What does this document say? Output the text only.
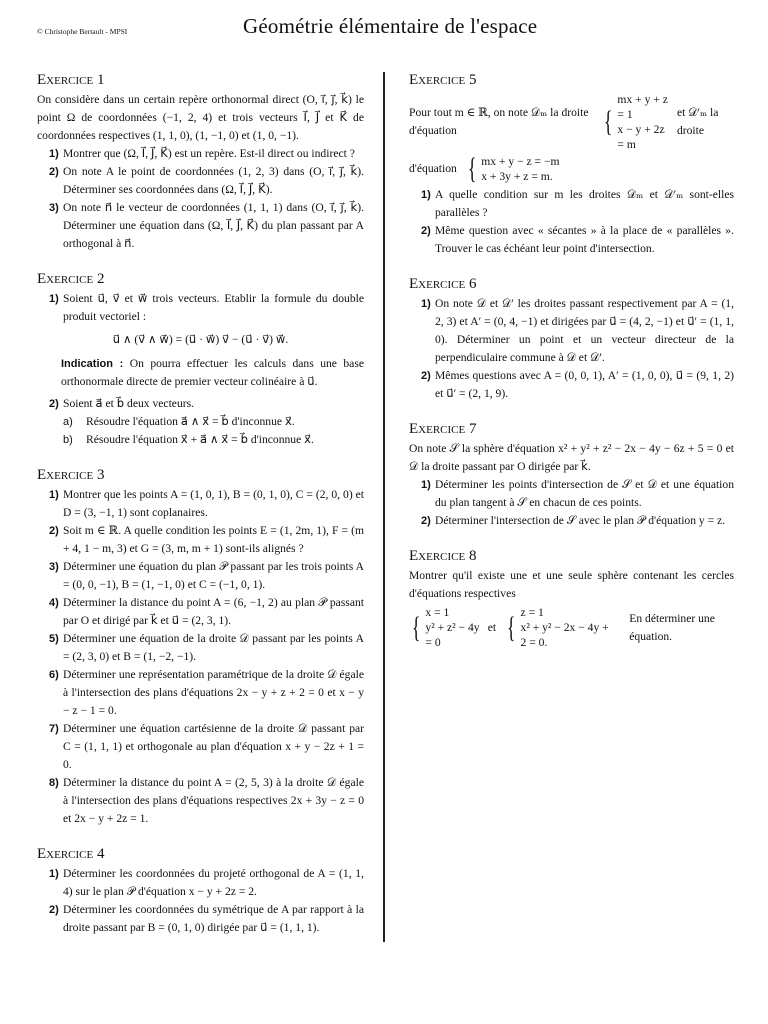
© Christophe Bertault - MPSI	Géométrie élémentaire de l'espace
Exercice 1
On considère dans un certain repère orthonormal direct (O, ı⃗, ȷ⃗, k⃗) le point Ω de coordonnées (−1, 2, 4) et trois vecteurs I⃗, J⃗ et K⃗ de coordonnées respectives (1, 1, 0), (1, −1, 0) et (1, 0, −1).
1) Montrer que (Ω, I⃗, J⃗, K⃗) est un repère. Est-il direct ou indirect ?
2) On note A le point de coordonnées (1, 2, 3) dans (O, ı⃗, ȷ⃗, k⃗). Déterminer ses coordonnées dans (Ω, I⃗, J⃗, K⃗).
3) On note n⃗ le vecteur de coordonnées (1, 1, 1) dans (O, ı⃗, ȷ⃗, k⃗). Déterminer une équation dans (Ω, I⃗, J⃗, K⃗) du plan passant par A orthogonal à n⃗.
Exercice 2
1) Soient u⃗, v⃗ et w⃗ trois vecteurs. Etablir la formule du double produit vectoriel :
u⃗ ∧ (v⃗ ∧ w⃗) = (u⃗ · w⃗) v⃗ − (u⃗ · v⃗) w⃗.
Indication : On pourra effectuer les calculs dans une base orthonormale directe de premier vecteur colinéaire à u⃗.
2) Soient a⃗ et b⃗ deux vecteurs.
a) Résoudre l'équation a⃗ ∧ x⃗ = b⃗ d'inconnue x⃗.
b) Résoudre l'équation x⃗ + a⃗ ∧ x⃗ = b⃗ d'inconnue x⃗.
Exercice 3
1) Montrer que les points A = (1, 0, 1), B = (0, 1, 0), C = (2, 0, 0) et D = (3, −1, 1) sont coplanaires.
2) Soit m ∈ ℝ. A quelle condition les points E = (1, 2m, 1), F = (m + 4, 1 − m, 3) et G = (3, m, m + 1) sont-ils alignés ?
3) Déterminer une équation du plan 𝒫 passant par les trois points A = (0, 0, −1), B = (1, −1, 0) et C = (−1, 0, 1).
4) Déterminer la distance du point A = (6, −1, 2) au plan 𝒫 passant par O et dirigé par k⃗ et u⃗ = (2, 3, 1).
5) Déterminer une équation de la droite 𝒟 passant par les points A = (2, 3, 0) et B = (1, −2, −1).
6) Déterminer une représentation paramétrique de la droite 𝒟 égale à l'intersection des plans d'équations 2x − y + z + 2 = 0 et x − y − z − 1 = 0.
7) Déterminer une équation cartésienne de la droite 𝒟 passant par C = (1, 1, 1) et orthogonale au plan d'équation x + y − 2z + 1 = 0.
8) Déterminer la distance du point A = (2, 5, 3) à la droite 𝒟 égale à l'intersection des plans d'équations respectives 2x + 3y − z = 0 et 2x − y + 2z = 1.
Exercice 4
1) Déterminer les coordonnées du projeté orthogonal de A = (1, 1, 4) sur le plan 𝒫 d'équation x − y + 2z = 2.
2) Déterminer les coordonnées du symétrique de A par rapport à la droite passant par B = (0, 1, 0) dirigée par u⃗ = (1, 1, 1).
Exercice 5
Pour tout m ∈ ℝ, on note 𝒟ₘ la droite d'équation	{
mx + y + z = 1
x − y + 2z = m
et 𝒟′ₘ la droite
d'équation { mx + y − z = −m
x + 3y + z = m.
1) A quelle condition sur m les droites 𝒟ₘ et 𝒟′ₘ sont-elles parallèles ?
2) Même question avec « sécantes » à la place de « parallèles ». Trouver le cas échéant leur point d'intersection.
Exercice 6
1) On note 𝒟 et 𝒟′ les droites passant respectivement par A = (1, 2, 3) et A′ = (0, 4, −1) et dirigées par u⃗ = (4, 2, −1) et u⃗′ = (1, 1, 0). Déterminer un point et un vecteur directeur de la perpendiculaire commune à 𝒟 et 𝒟′.
2) Mêmes questions avec A = (0, 0, 1), A′ = (1, 0, 0), u⃗ = (9, 1, 2) et u⃗′ = (2, 1, 9).
Exercice 7
On note 𝒮 la sphère d'équation x² + y² + z² − 2x − 4y − 6z + 5 = 0 et 𝒟 la droite passant par O dirigée par k⃗.
1) Déterminer les points d'intersection de 𝒮 et 𝒟 et une équation du plan tangent à 𝒮 en chacun de ces points.
2) Déterminer l'intersection de 𝒮 avec le plan 𝒫 d'équation y = z.
Exercice 8
Montrer qu'il existe une et une seule sphère contenant les cercles d'équations respectives
{ x = 1
y² + z² − 4y = 0
et { z = 1
x² + y² − 2x − 4y + 2 = 0.
En déterminer une équation.
